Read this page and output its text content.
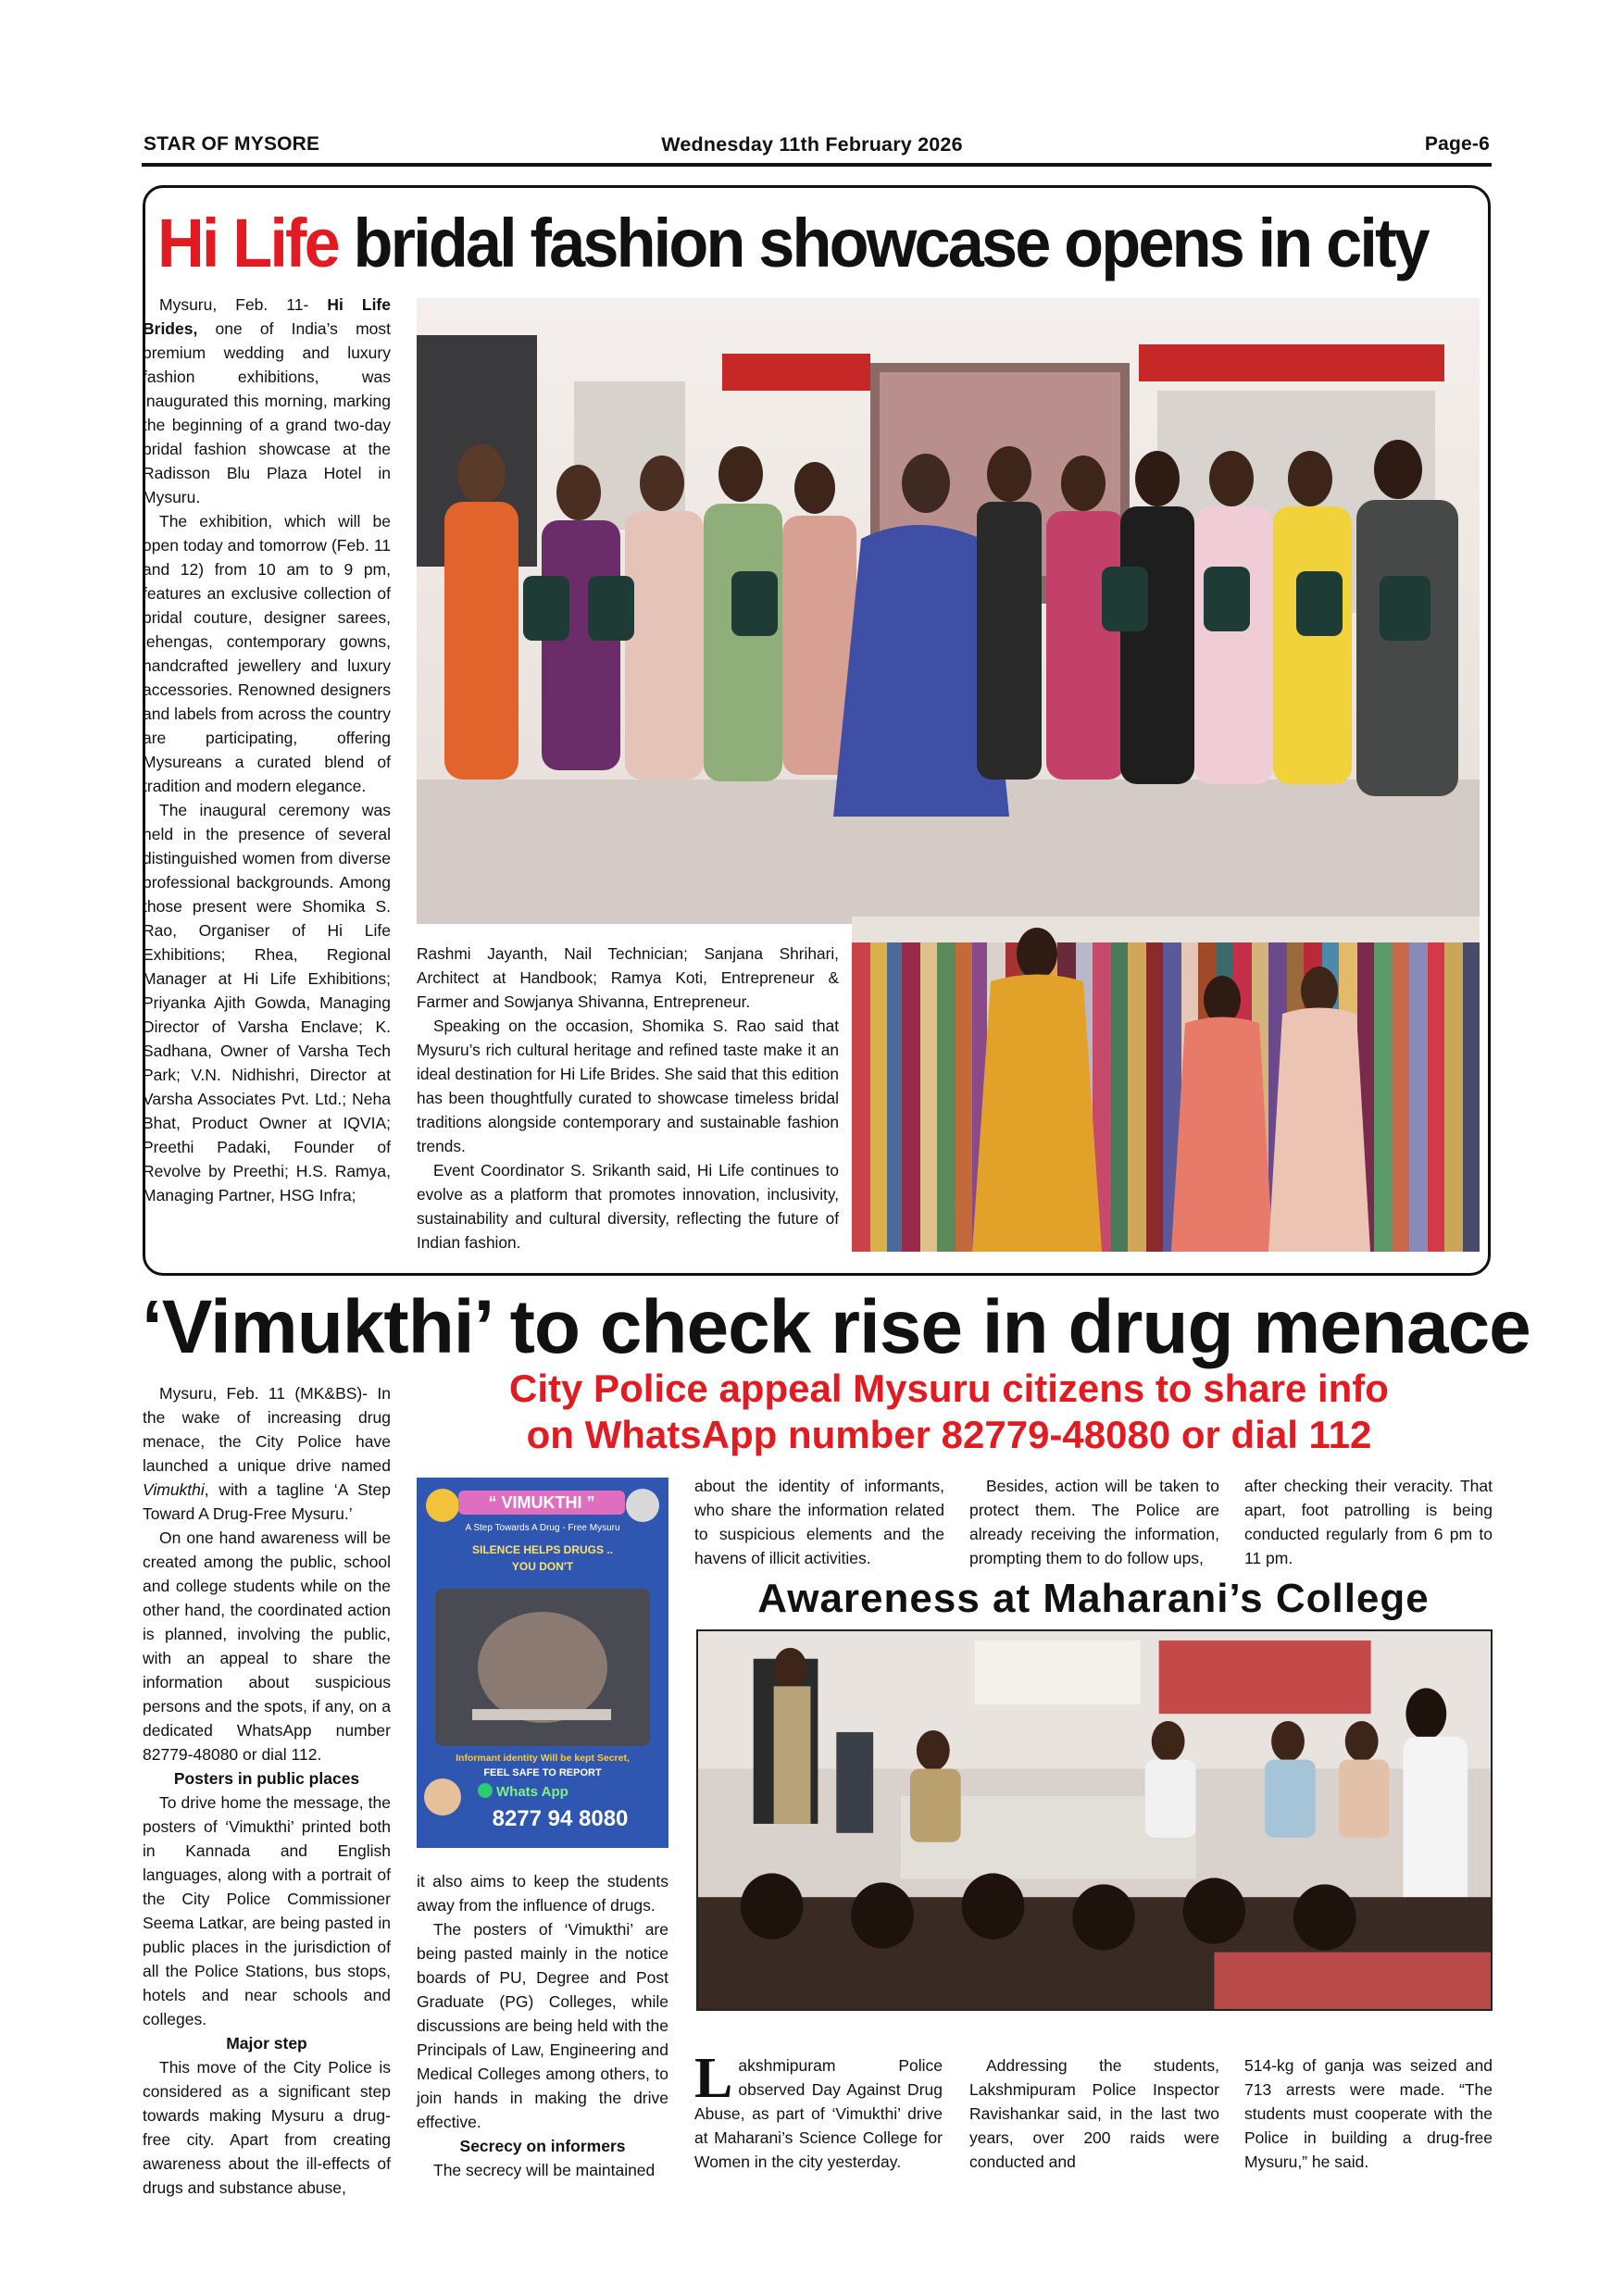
STAR OF MYSORE	Wednesday 11th February 2026	Page-6
Hi Life bridal fashion showcase opens in city

Mysuru, Feb. 11- Hi Life Brides, one of India’s most premium wedding and luxury fashion exhibitions, was inaugurated this morning, marking the beginning of a grand two-day bridal fashion showcase at the Radisson Blu Plaza Hotel in Mysuru.

The exhibition, which will be open today and tomorrow (Feb. 11 and 12) from 10 am to 9 pm, features an exclusive collection of bridal couture, designer sarees, lehengas, contemporary gowns, handcrafted jewellery and luxury accessories. Renowned designers and labels from across the country are participating, offering Mysureans a curated blend of tradition and modern elegance.

The inaugural ceremony was held in the presence of several distinguished women from diverse professional backgrounds. Among those present were Shomika S. Rao, Organiser of Hi Life Exhibitions; Rhea, Regional Manager at Hi Life Exhibitions; Priyanka Ajith Gowda, Managing Director of Varsha Enclave; K. Sadhana, Owner of Varsha Tech Park; V.N. Nidhishri, Director at Varsha Associates Pvt. Ltd.; Neha Bhat, Product Owner at IQVIA; Preethi Padaki, Founder of Revolve by Preethi; H.S. Ramya, Managing Partner, HSG Infra;

Rashmi Jayanth, Nail Technician; Sanjana Shrihari, Architect at Handbook; Ramya Koti, Entrepreneur & Farmer and Sowjanya Shivanna, Entrepreneur.

Speaking on the occasion, Shomika S. Rao said that Mysuru’s rich cultural heritage and refined taste make it an ideal destination for Hi Life Brides. She said that this edition has been thoughtfully curated to showcase timeless bridal traditions alongside contemporary and sustainable fashion trends.

Event Coordinator S. Srikanth said, Hi Life continues to evolve as a platform that promotes innovation, inclusivity, sustainability and cultural diversity, reflecting the future of Indian fashion.

‘Vimukthi’ to check rise in drug menace
City Police appeal Mysuru citizens to share info
on WhatsApp number 82779-48080 or dial 112

Mysuru, Feb. 11 (MK&BS)- In the wake of increasing drug menace, the City Police have launched a unique drive named Vimukthi, with a tagline ‘A Step Toward A Drug-Free Mysuru.’

On one hand awareness will be created among the public, school and college students while on the other hand, the coordinated action is planned, involving the public, with an appeal to share the information about suspicious persons and the spots, if any, on a dedicated WhatsApp number 82779-48080 or dial 112.

Posters in public places

To drive home the message, the posters of ‘Vimukthi’ printed both in Kannada and English languages, along with a portrait of the City Police Commissioner Seema Latkar, are being pasted in public places in the jurisdiction of all the Police Stations, bus stops, hotels and near schools and colleges.

Major step

This move of the City Police is considered as a significant step towards making Mysuru a drug-free city. Apart from creating awareness about the ill-effects of drugs and substance abuse,

“ VIMUKTHI ”
A Step Towards A Drug - Free Mysuru
SILENCE HELPS DRUGS ..
YOU DON'T
Informant identity Will be kept Secret,
FEEL SAFE TO REPORT
Whats App
8277 94 8080

it also aims to keep the students away from the influence of drugs.

The posters of ‘Vimukthi’ are being pasted mainly in the notice boards of PU, Degree and Post Graduate (PG) Colleges, while discussions are being held with the Principals of Law, Engineering and Medical Colleges among others, to join hands in making the drive effective.

Secrecy on informers

The secrecy will be maintained

about the identity of informants, who share the information related to suspicious elements and the havens of illicit activities.

Besides, action will be taken to protect them. The Police are already receiving the information, prompting them to do follow ups,

after checking their veracity. That apart, foot patrolling is being conducted regularly from 6 pm to 11 pm.

Awareness at Maharani’s College

Lakshmipuram Police observed Day Against Drug Abuse, as part of ‘Vimukthi’ drive at Maharani’s Science College for Women in the city yesterday.

Addressing the students, Lakshmipuram Police Inspector Ravishankar said, in the last two years, over 200 raids were conducted and

514-kg of ganja was seized and 713 arrests were made. “The students must cooperate with the Police in building a drug-free Mysuru,” he said.
